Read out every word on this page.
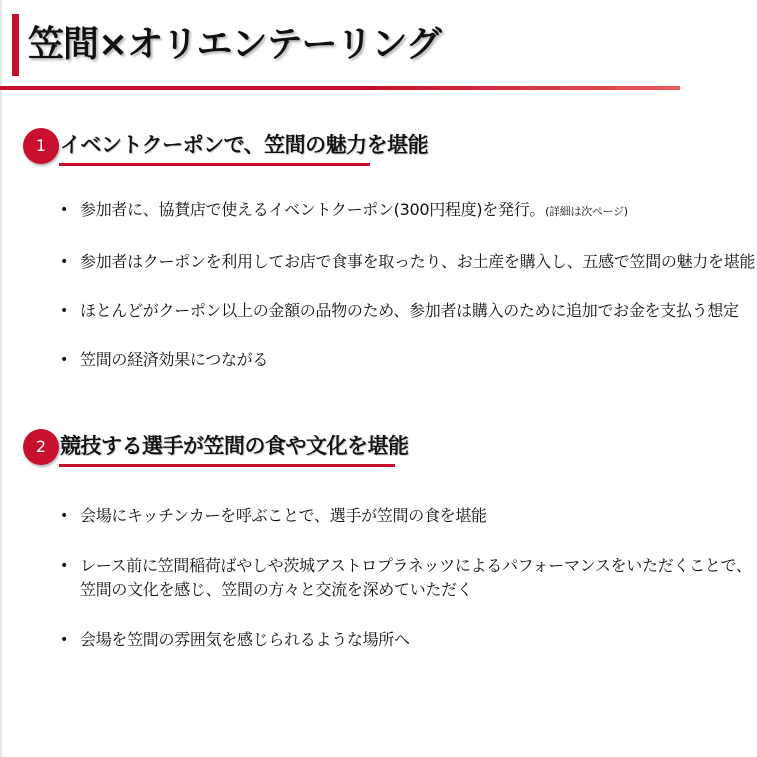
笠間×オリエンテーリング
1 イベントクーポンで、笠間の魅力を堪能
• 参加者に、協賛店で使えるイベントクーポン(300円程度)を発行。(詳細は次ページ)
• 参加者はクーポンを利用してお店で食事を取ったり、お土産を購入し、五感で笠間の魅力を堪能
• ほとんどがクーポン以上の金額の品物のため、参加者は購入のために追加でお金を支払う想定
• 笠間の経済効果につながる
2 競技する選手が笠間の食や文化を堪能
• 会場にキッチンカーを呼ぶことで、選手が笠間の食を堪能
• レース前に笠間稲荷ばやしや茨城アストロプラネッツによるパフォーマンスをいただくことで、
笠間の文化を感じ、笠間の方々と交流を深めていただく
• 会場を笠間の雰囲気を感じられるような場所へ
